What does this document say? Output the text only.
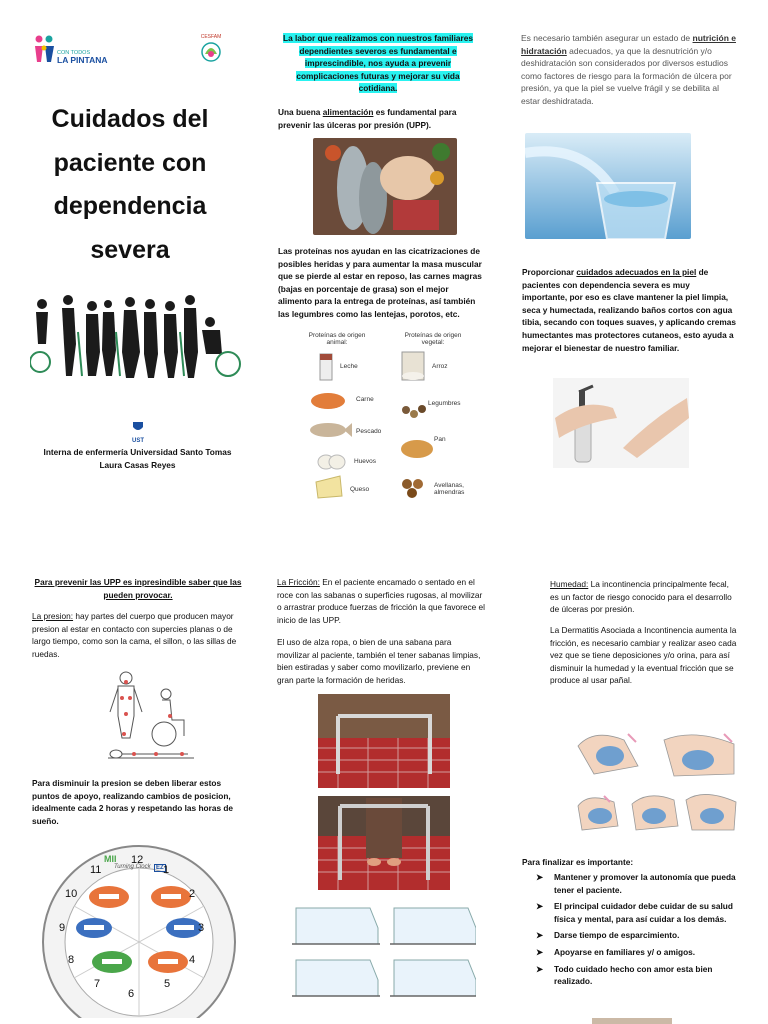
CON TODOS
LA PINTANA
CESFAM
Cuidados del
paciente con
dependencia
severa
UST
Interna de enfermería Universidad Santo Tomas
Laura Casas Reyes
La labor que realizamos con nuestros familiares dependientes severos es fundamental e imprescindible, nos ayuda a prevenir complicaciones futuras y mejorar su vida cotidiana.
Una buena alimentación es fundamental para prevenir las úlceras por presión (UPP).
Las proteínas nos ayudan en las cicatrizaciones de posibles heridas y para aumentar la masa muscular que se pierde al estar en reposo, las carnes magras (bajas en porcentaje de grasa) son el mejor alimento para la entrega de proteínas, así también las legumbres como las lentejas, porotos, etc.
Proteínas de origen animal:
Proteínas de origen vegetal:
Leche
Carne
Pescado
Huevos
Queso
Arroz
Legumbres
Pan
Avellanas, almendras
Es necesario también asegurar un estado de nutrición e hidratación adecuados, ya que la desnutrición y/o deshidratación son considerados por diversos estudios como factores de riesgo para la formación de úlcera por presión, ya que la piel se vuelve frágil y se debilita al estar deshidratada.
Proporcionar cuidados adecuados en la piel de pacientes con dependencia severa es muy importante, por eso es clave mantener la piel limpia, seca y humectada, realizando baños cortos con agua tibia, secando con toques suaves, y aplicando cremas humectantes mas protectores cutaneos, esto ayuda a mejorar el bienestar de nuestro familiar.
Para prevenir las UPP es inpresindible saber que las pueden provocar.
La presion: hay partes del cuerpo que producen mayor presion al estar en contacto con supercies planas o de largo tiempo, como son la cama, el sillon, o las sillas de ruedas.
Para disminuir la presion se deben liberar estos puntos de apoyo, realizando cambios de posicion, idealmente cada 2 horas y respetando las horas de sueño.
MII
Turning Clock EZ
12
1
2
3
4
5
6
7
8
9
10
11
La Fricción: En el paciente encamado o sentado en el roce con las sabanas o superficies rugosas, al movilizar o arrastrar produce fuerzas de fricción la que favorece el inicio de las UPP.
El uso de alza ropa, o bien de una sabana para movilizar al paciente, también el tener sabanas limpias, bien estiradas y saber como movilizarlo, previene en gran parte la formación de heridas.
Humedad: La incontinencia principalmente fecal, es un factor de riesgo conocido para el desarrollo de úlceras por presión.
La Dermatitis Asociada a Incontinencia aumenta la fricción, es necesario cambiar y realizar aseo cada vez que se tiene deposiciones y/o orina, para así disminuir la humedad y la eventual fricción que se produce al usar pañal.
Para finalizar es importante:
➤ Mantener y promover la autonomía que pueda tener el paciente.
➤ El principal cuidador debe cuidar de su salud física y mental, para así cuidar a los demás.
➤ Darse tiempo de esparcimiento.
➤ Apoyarse en familiares y/ o amigos.
➤ Todo cuidado hecho con amor esta bien realizado.
